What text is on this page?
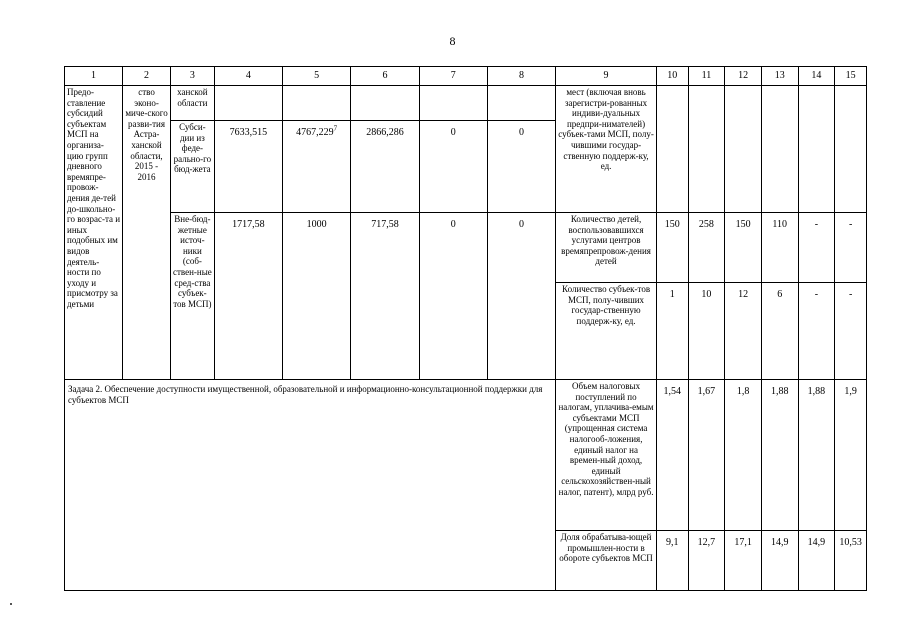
8
1	2	3	4	5	6	7	8	9	10	11	12	13	14	15
Предо-ставление субсидий субъектам МСП на организа-цию групп дневного времяпре-провож-дения де-тей до-школьно-го возрас-та и иных подобных им видов деятель-ности по уходу и присмотру за детьми	ство эконо-миче-ского разви-тия Астра-ханской области, 2015 - 2016	ханской области						мест (включая вновь зарегистри-рованных индиви-дуальных предпри-нимателей) субъек-тами МСП, полу-чившими государ-ственную поддерж-ку, ед.						
		Субси-дии из феде-рально-го бюд-жета	7633,515	4767,229$^7$	2866,286	0	0							
		Вне-бюд-жетные источ-ники (соб-ствен-ные сред-ства субъек-тов МСП)	1717,58	1000	717,58	0	0	Количество детей, воспользовавшихся услугами центров времяпрепровож-дения детей	150	258	150	110	-	-
								Количество субъек-тов МСП, полу-чивших государ-ственную поддерж-ку, ед.	1	10	12	6	-	-
Задача 2. Обеспечение доступности имущественной, образовательной и информационно-консультационной поддержки для субъектов МСП								Объем налоговых поступлений по налогам, уплачива-емым субъектами МСП (упрощенная система налогооб-ложения, единый налог на времен-ный доход, единый сельскохозяйствен-ный налог, патент), млрд руб.	1,54	1,67	1,8	1,88	1,88	1,9
								Доля обрабатыва-ющей промышлен-ности в обороте субъектов МСП	9,1	12,7	17,1	14,9	14,9	10,53
